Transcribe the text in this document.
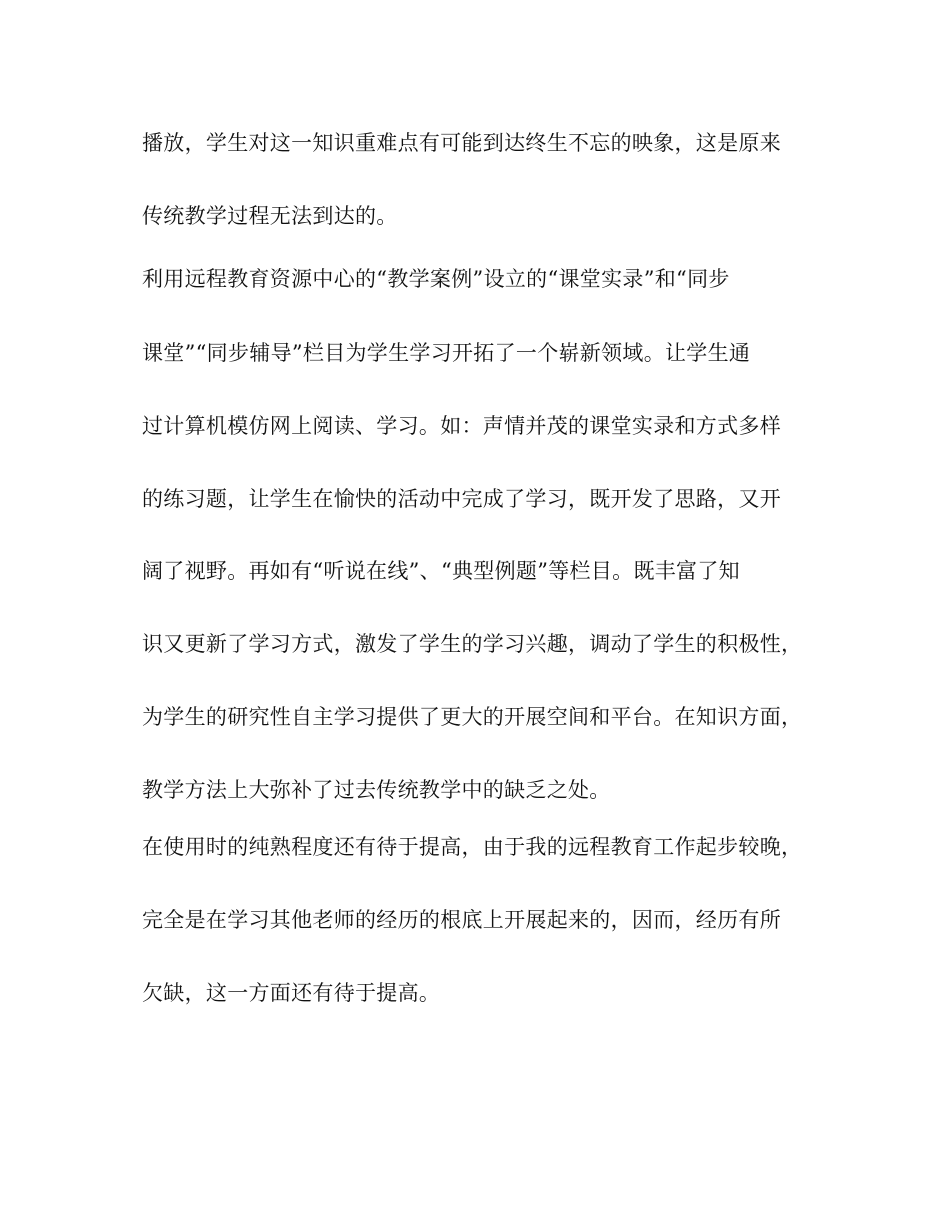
播放，学生对这一知识重难点有可能到达终生不忘的映象，这是原来
传统教学过程无法到达的。
利用远程教育资源中心的“教学案例”设立的“课堂实录”和“同步
课堂”“同步辅导”栏目为学生学习开拓了一个崭新领域。让学生通
过计算机模仿网上阅读、学习。如：声情并茂的课堂实录和方式多样
的练习题，让学生在愉快的活动中完成了学习，既开发了思路，又开
阔了视野。再如有“听说在线”、“典型例题”等栏目。既丰富了知
识又更新了学习方式，激发了学生的学习兴趣，调动了学生的积极性，
为学生的研究性自主学习提供了更大的开展空间和平台。在知识方面，
教学方法上大弥补了过去传统教学中的缺乏之处。
在使用时的纯熟程度还有待于提高，由于我的远程教育工作起步较晚，
完全是在学习其他老师的经历的根底上开展起来的，因而，经历有所
欠缺，这一方面还有待于提高。
